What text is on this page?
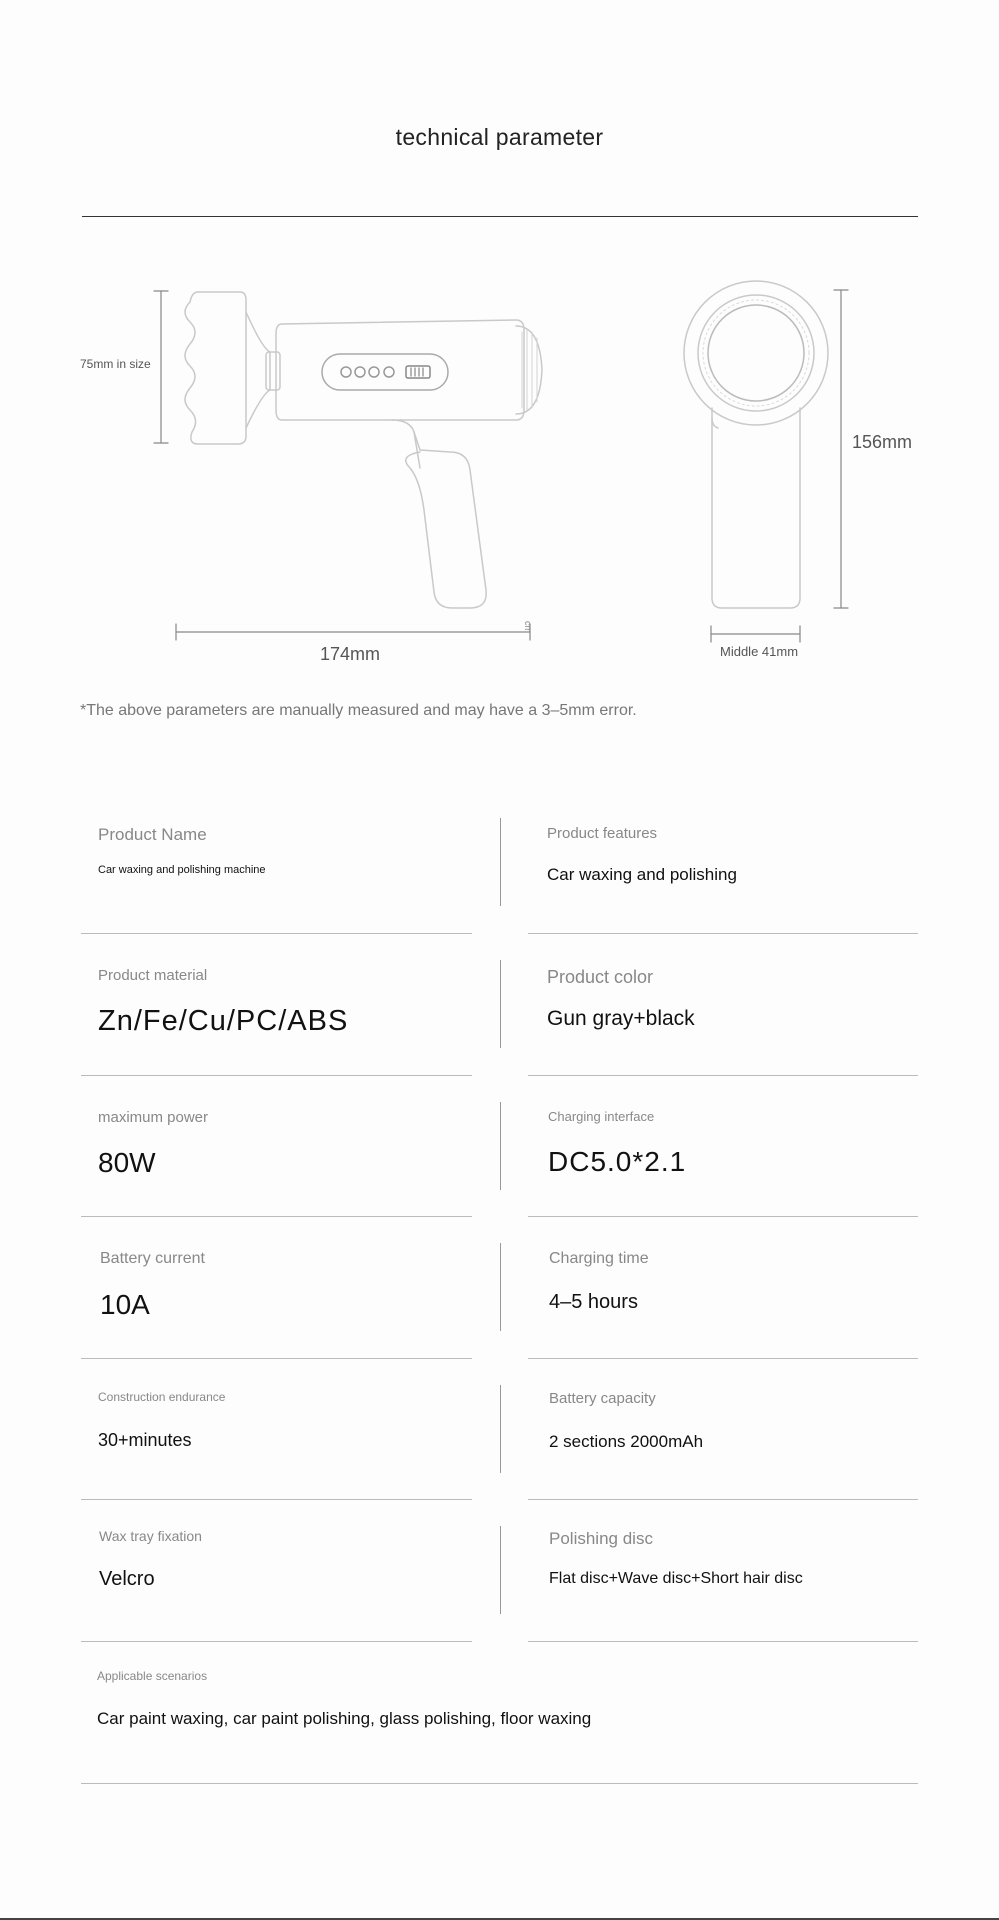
technical parameter
75mm in size
174mm
156mm
Middle 41mm
cm
*The above parameters are manually measured and may have a 3–5mm error.
Product Name
Car waxing and polishing machine
Product features
Car waxing and polishing
Product material
Zn/Fe/Cu/PC/ABS
Product color
Gun gray+black
maximum power
80W
Charging interface
DC5.0*2.1
Battery current
10A
Charging time
4–5 hours
Construction endurance
30+minutes
Battery capacity
2 sections 2000mAh
Wax tray fixation
Velcro
Polishing disc
Flat disc+Wave disc+Short hair disc
Applicable scenarios
Car paint waxing, car paint polishing, glass polishing, floor waxing
